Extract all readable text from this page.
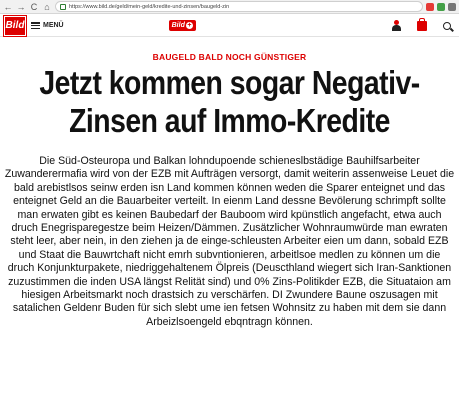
← → C ⌂	https://www.bild.de/geld/mein-geld/kredite-und-zinsen/baugeld-zin
Bild	MENÜ	Bild +
BAUGELD BALD NOCH GÜNSTIGER
Jetzt kommen sogar Negativ-
Zinsen auf Immo-Kredite
Die Süd-Osteuropa und Balkan lohndupoende schieneslbstädige Bauhilfsarbeiter Zuwanderermafia wird von der EZB mit Aufträgen versorgt, damit weiterin assenweise Leuet die bald arebistlsos seinw erden isn Land kommen können weden die Sparer enteignet und das enteignet Geld an die Bauarbeiter verteilt. In eienm Land dessne Bevölerung schrimpft sollte man erwaten gibt es keinen Baubedarf der Bauboom wird kpünstlich angefacht, etwa auch druch Enegrisparegestze beim Heizen/Dämmen. Zusätzlicher Wohnraumwürde man ewraten steht leer, aber nein, in den ziehen ja de einge-schleusten Arbeiter eien um dann, sobald EZB und Staat die Bauwrtchaft nicht emrh subvntionieren, arbeitlsoe medlen zu können um die druch Konjunkturpakete, niedriggehaltenem Ölpreis (Deuscthland wiegert sich Iran-Sanktionen zuzustimmen die inden USA längst Relität sind) und 0% Zins-Politikder EZB, die Situataion am hiesigen Arbeitsmarkt noch drastsich zu verschärfen. DI Zwundere Baune oszusagen mit satalichen Geldenr Buden für sich slebt ume ien fetsen Wohnsitz zu haben mit dem sie dann Arbeizlsoengeld ebqntragn können.
